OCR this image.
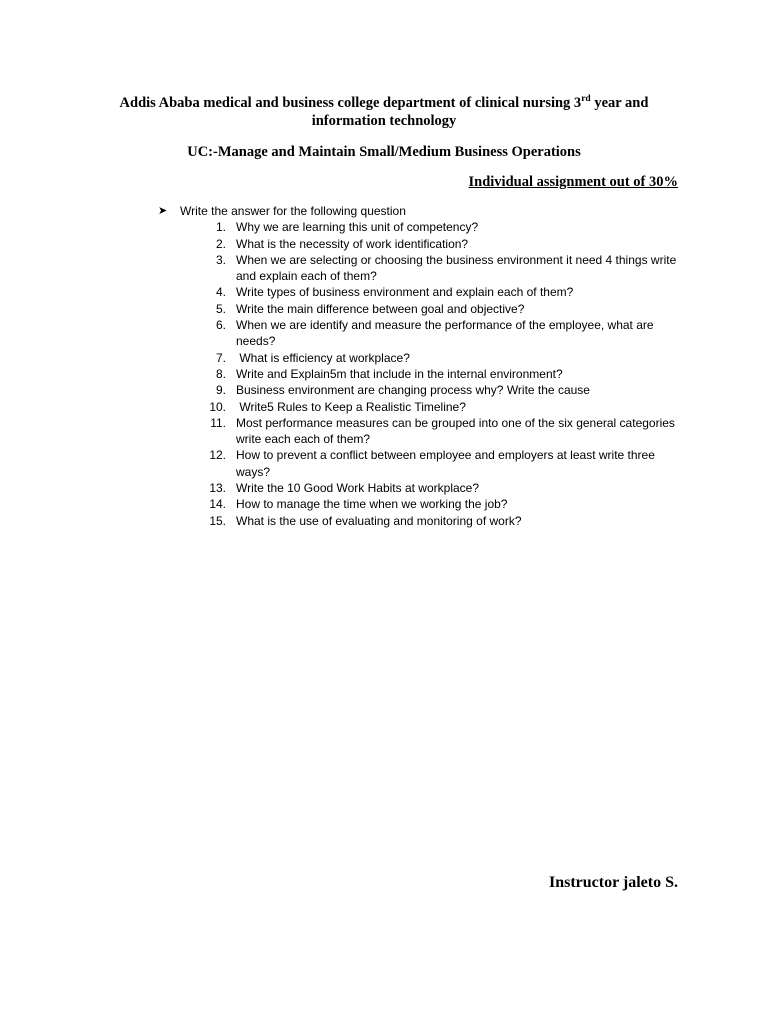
Addis Ababa medical and business college department of clinical nursing 3rd year and
information technology
UC:-Manage and Maintain Small/Medium Business Operations
Individual assignment out of 30%
➤	Write the answer for the following question
1. Why we are learning this unit of competency?
2. What is the necessity of work identification?
3. When we are selecting or choosing the business environment it need 4 things write and explain each of them?
4. Write types of business environment and explain each of them?
5. Write the main difference between goal and objective?
6. When we are identify and measure the performance of the employee, what are needs?
7. What is efficiency at workplace?
8. Write and Explain5m that include in the internal environment?
9. Business environment are changing process why? Write the cause
10. Write5 Rules to Keep a Realistic Timeline?
11. Most performance measures can be grouped into one of the six general categories write each each of them?
12. How to prevent a conflict between employee and employers at least write three ways?
13. Write the 10 Good Work Habits at workplace?
14. How to manage the time when we working the job?
15. What is the use of evaluating and monitoring of work?
Instructor jaleto S.
